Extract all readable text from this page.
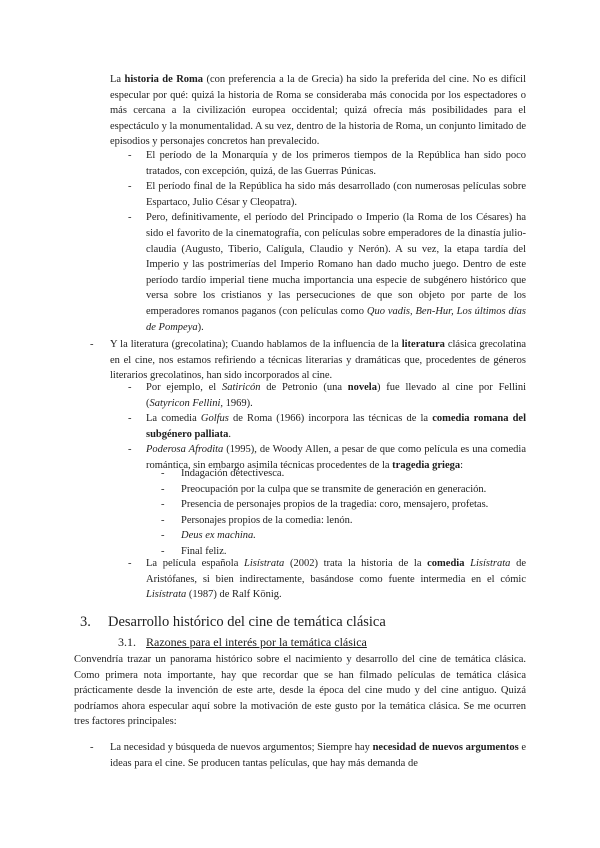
La historia de Roma (con preferencia a la de Grecia) ha sido la preferida del cine. No es difícil especular por qué: quizá la historia de Roma se consideraba más conocida por los espectadores o más cercana a la civilización europea occidental; quizá ofrecía más posibilidades para el espectáculo y la monumentalidad. A su vez, dentro de la historia de Roma, un conjunto limitado de episodios y personajes concretos han prevalecido.

- El período de la Monarquía y de los primeros tiempos de la República han sido poco tratados, con excepción, quizá, de las Guerras Púnicas.
- El período final de la República ha sido más desarrollado (con numerosas películas sobre Espartaco, Julio César y Cleopatra).
- Pero, definitivamente, el período del Principado o Imperio (la Roma de los Césares) ha sido el favorito de la cinematografía, con películas sobre emperadores de la dinastía julio-claudia (Augusto, Tiberio, Calígula, Claudio y Nerón). A su vez, la etapa tardía del Imperio y las postrimerías del Imperio Romano han dado mucho juego. Dentro de este período tardío imperial tiene mucha importancia una especie de subgénero histórico que versa sobre los cristianos y las persecuciones de que son objeto por parte de los emperadores romanos paganos (con películas como Quo vadis, Ben-Hur, Los últimos días de Pompeya).
- Y la literatura (grecolatina); Cuando hablamos de la influencia de la literatura clásica grecolatina en el cine, nos estamos refiriendo a técnicas literarias y dramáticas que, procedentes de géneros literarios grecolatinos, han sido incorporados al cine.

- Por ejemplo, el Satiricón de Petronio (una novela) fue llevado al cine por Fellini (Satyricon Fellini, 1969).
- La comedia Golfus de Roma (1966) incorpora las técnicas de la comedia romana del subgénero palliata.
- Poderosa Afrodita (1995), de Woody Allen, a pesar de que como película es una comedia romántica, sin embargo asimila técnicas procedentes de la tragedia griega:
- Indagación detectivesca.
- Preocupación por la culpa que se transmite de generación en generación.
- Presencia de personajes propios de la tragedia: coro, mensajero, profetas.
- Personajes propios de la comedia: lenón.
- Deus ex machina.
- Final feliz.
- La película española Lisístrata (2002) trata la historia de la comedia Lisístrata de Aristófanes, si bien indirectamente, basándose como fuente intermedia en el cómic Lisístrata (1987) de Ralf König.
3. Desarrollo histórico del cine de temática clásica
3.1. Razones para el interés por la temática clásica

Convendría trazar un panorama histórico sobre el nacimiento y desarrollo del cine de temática clásica. Como primera nota importante, hay que recordar que se han filmado películas de temática clásica prácticamente desde la invención de este arte, desde la época del cine mudo y del cine antiguo. Quizá podríamos ahora especular aquí sobre la motivación de este gusto por la temática clásica. Se me ocurren tres factores principales:

- La necesidad y búsqueda de nuevos argumentos; Siempre hay necesidad de nuevos argumentos e ideas para el cine. Se producen tantas películas, que hay más demanda de
